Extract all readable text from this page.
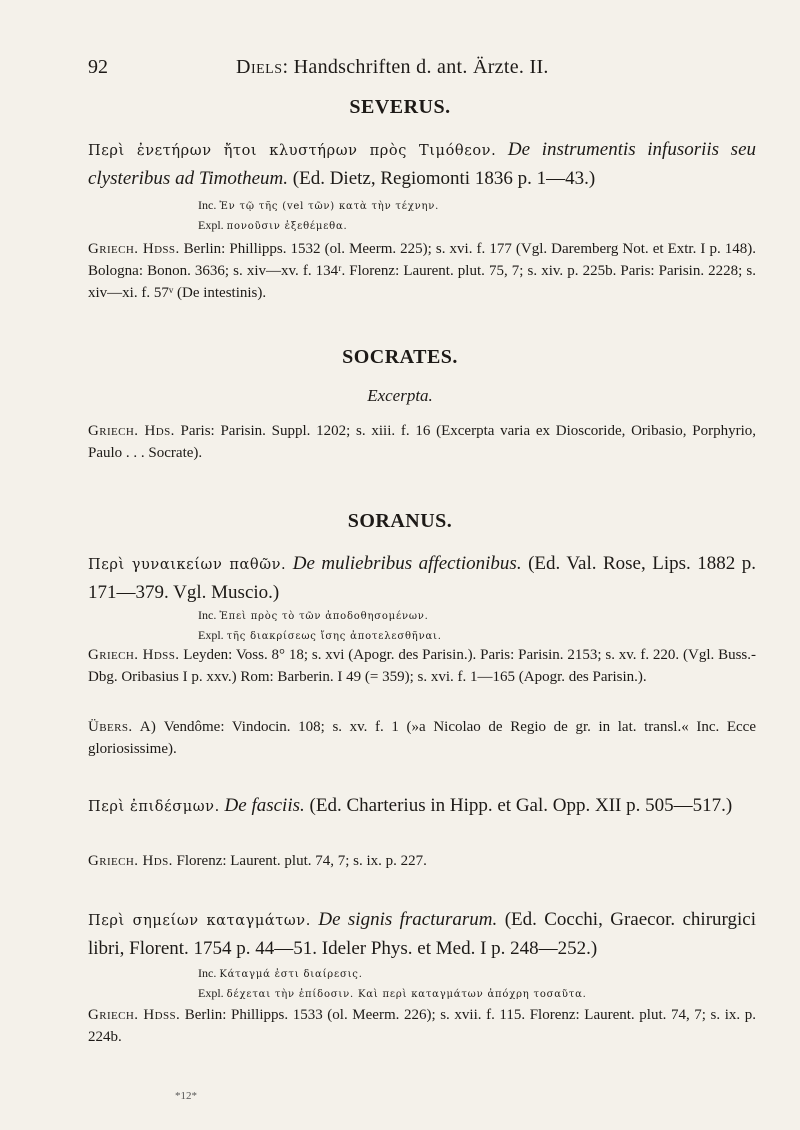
92	Diels: Handschriften d. ant. Ärzte. II.
SEVERUS.
Περὶ ἐνετήρων ἤτοι κλυστήρων πρὸς Τιμόθεον. De instrumentis infusoriis seu clysteribus ad Timotheum. (Ed. Dietz, Regiomonti 1836 p. 1—43.)
Inc. Ἐν τῷ τῆς (vel τῶν) κατὰ τὴν τέχνην.
Expl. πονοῦσιν ἐξεθέμεθα.
Griech. Hdss. Berlin: Phillipps. 1532 (ol. Meerm. 225); s. xvi. f. 177 (Vgl. Daremberg Not. et Extr. I p. 148). Bologna: Bonon. 3636; s. xiv—xv. f. 134ʳ. Florenz: Laurent. plut. 75, 7; s. xiv. p. 225b. Paris: Parisin. 2228; s. xiv—xi. f. 57ᵛ (De intestinis).
SOCRATES.
Excerpta.
Griech. Hds. Paris: Parisin. Suppl. 1202; s. xiii. f. 16 (Excerpta varia ex Dioscoride, Oribasio, Porphyrio, Paulo . . . Socrate).
SORANUS.
Περὶ γυναικείων παθῶν. De muliebribus affectionibus. (Ed. Val. Rose, Lips. 1882 p. 171—379. Vgl. Muscio.)
Inc. Ἐπεὶ πρὸς τὸ τῶν ἀποδοθησομένων.
Expl. τῆς διακρίσεως ἴσης ἀποτελεσθῆναι.
Griech. Hdss. Leyden: Voss. 8° 18; s. xvi (Apogr. des Parisin.). Paris: Parisin. 2153; s. xv. f. 220. (Vgl. Buss.-Dbg. Oribasius I p. xxv.) Rom: Barberin. I 49 (= 359); s. xvi. f. 1—165 (Apogr. des Parisin.).
Übers. A) Vendôme: Vindocin. 108; s. xv. f. 1 (»a Nicolao de Regio de gr. in lat. transl.« Inc. Ecce gloriosissime).
Περὶ ἐπιδέσμων. De fasciis. (Ed. Charterius in Hipp. et Gal. Opp. XII p. 505—517.)
Griech. Hds. Florenz: Laurent. plut. 74, 7; s. ix. p. 227.
Περὶ σημείων καταγμάτων. De signis fracturarum. (Ed. Cocchi, Graecor. chirurgici libri, Florent. 1754 p. 44—51. Ideler Phys. et Med. I p. 248—252.)
Inc. Κάταγμά ἐστι διαίρεσις.
Expl. δέχεται τὴν ἐπίδοσιν. Καὶ περὶ καταγμάτων ἀπόχρη τοσαῦτα.
Griech. Hdss. Berlin: Phillipps. 1533 (ol. Meerm. 226); s. xvii. f. 115. Florenz: Laurent. plut. 74, 7; s. ix. p. 224b.
*12*
